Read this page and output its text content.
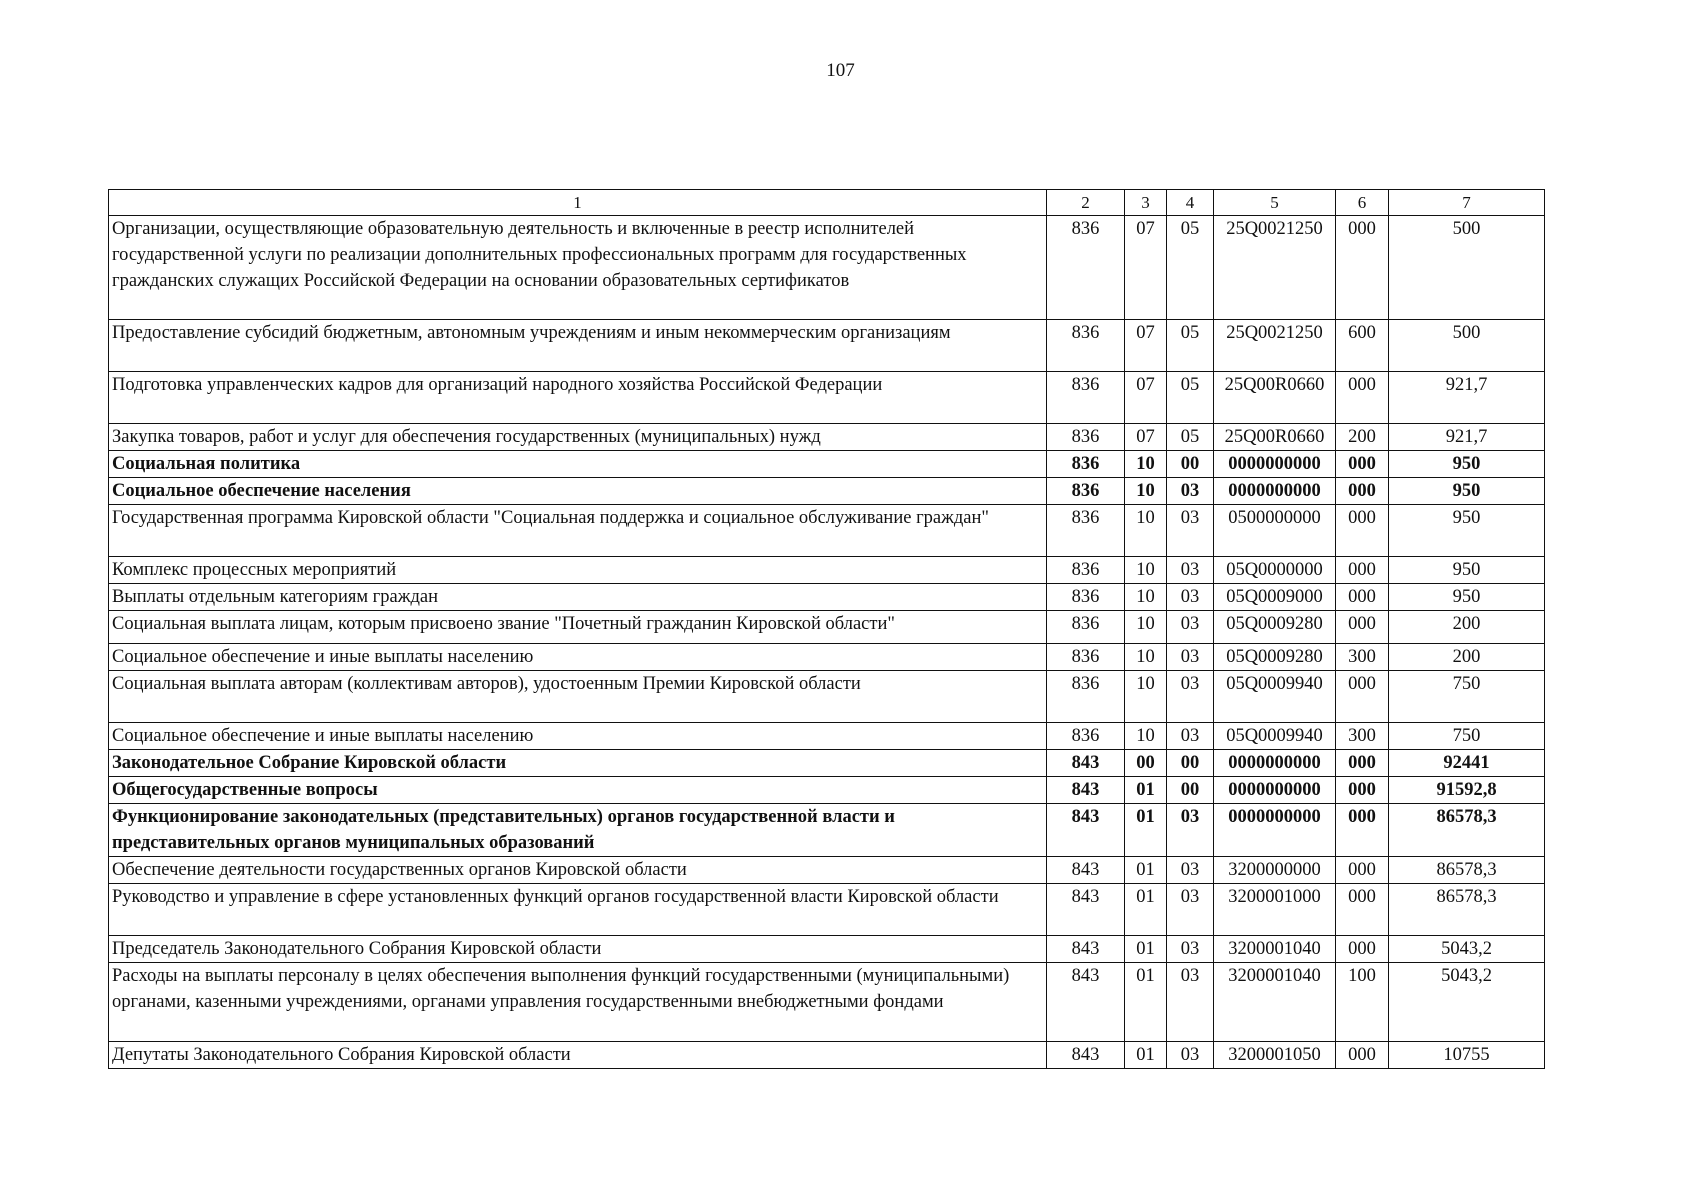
107
1	2	3	4	5	6	7
Организации, осуществляющие образовательную деятельность и включенные в реестр исполнителей государственной услуги по реализации дополнительных профессиональных программ для государственных гражданских служащих Российской Федерации на основании образовательных сертификатов	836	07	05	25Q0021250	000	500
Предоставление субсидий бюджетным, автономным учреждениям и иным некоммерческим организациям	836	07	05	25Q0021250	600	500
Подготовка управленческих кадров для организаций народного хозяйства Российской Федерации	836	07	05	25Q00R0660	000	921,7
Закупка товаров, работ и услуг для обеспечения государственных (муниципальных) нужд	836	07	05	25Q00R0660	200	921,7
Социальная политика	836	10	00	0000000000	000	950
Социальное обеспечение населения	836	10	03	0000000000	000	950
Государственная программа Кировской области "Социальная поддержка и социальное обслуживание граждан"	836	10	03	0500000000	000	950
Комплекс процессных мероприятий	836	10	03	05Q0000000	000	950
Выплаты отдельным категориям граждан	836	10	03	05Q0009000	000	950
Социальная выплата лицам, которым присвоено звание "Почетный гражданин Кировской области"	836	10	03	05Q0009280	000	200
Социальное обеспечение и иные выплаты населению	836	10	03	05Q0009280	300	200
Социальная выплата авторам (коллективам авторов), удостоенным Премии Кировской области	836	10	03	05Q0009940	000	750
Социальное обеспечение и иные выплаты населению	836	10	03	05Q0009940	300	750
Законодательное Собрание Кировской области	843	00	00	0000000000	000	92441
Общегосударственные вопросы	843	01	00	0000000000	000	91592,8
Функционирование законодательных (представительных) органов государственной власти и представительных органов муниципальных образований	843	01	03	0000000000	000	86578,3
Обеспечение деятельности государственных органов Кировской области	843	01	03	3200000000	000	86578,3
Руководство и управление в сфере установленных функций органов государственной власти Кировской области	843	01	03	3200001000	000	86578,3
Председатель Законодательного Собрания Кировской области	843	01	03	3200001040	000	5043,2
Расходы на выплаты персоналу в целях обеспечения выполнения функций государственными (муниципальными) органами, казенными учреждениями, органами управления государственными внебюджетными фондами	843	01	03	3200001040	100	5043,2
Депутаты Законодательного Собрания Кировской области	843	01	03	3200001050	000	10755
